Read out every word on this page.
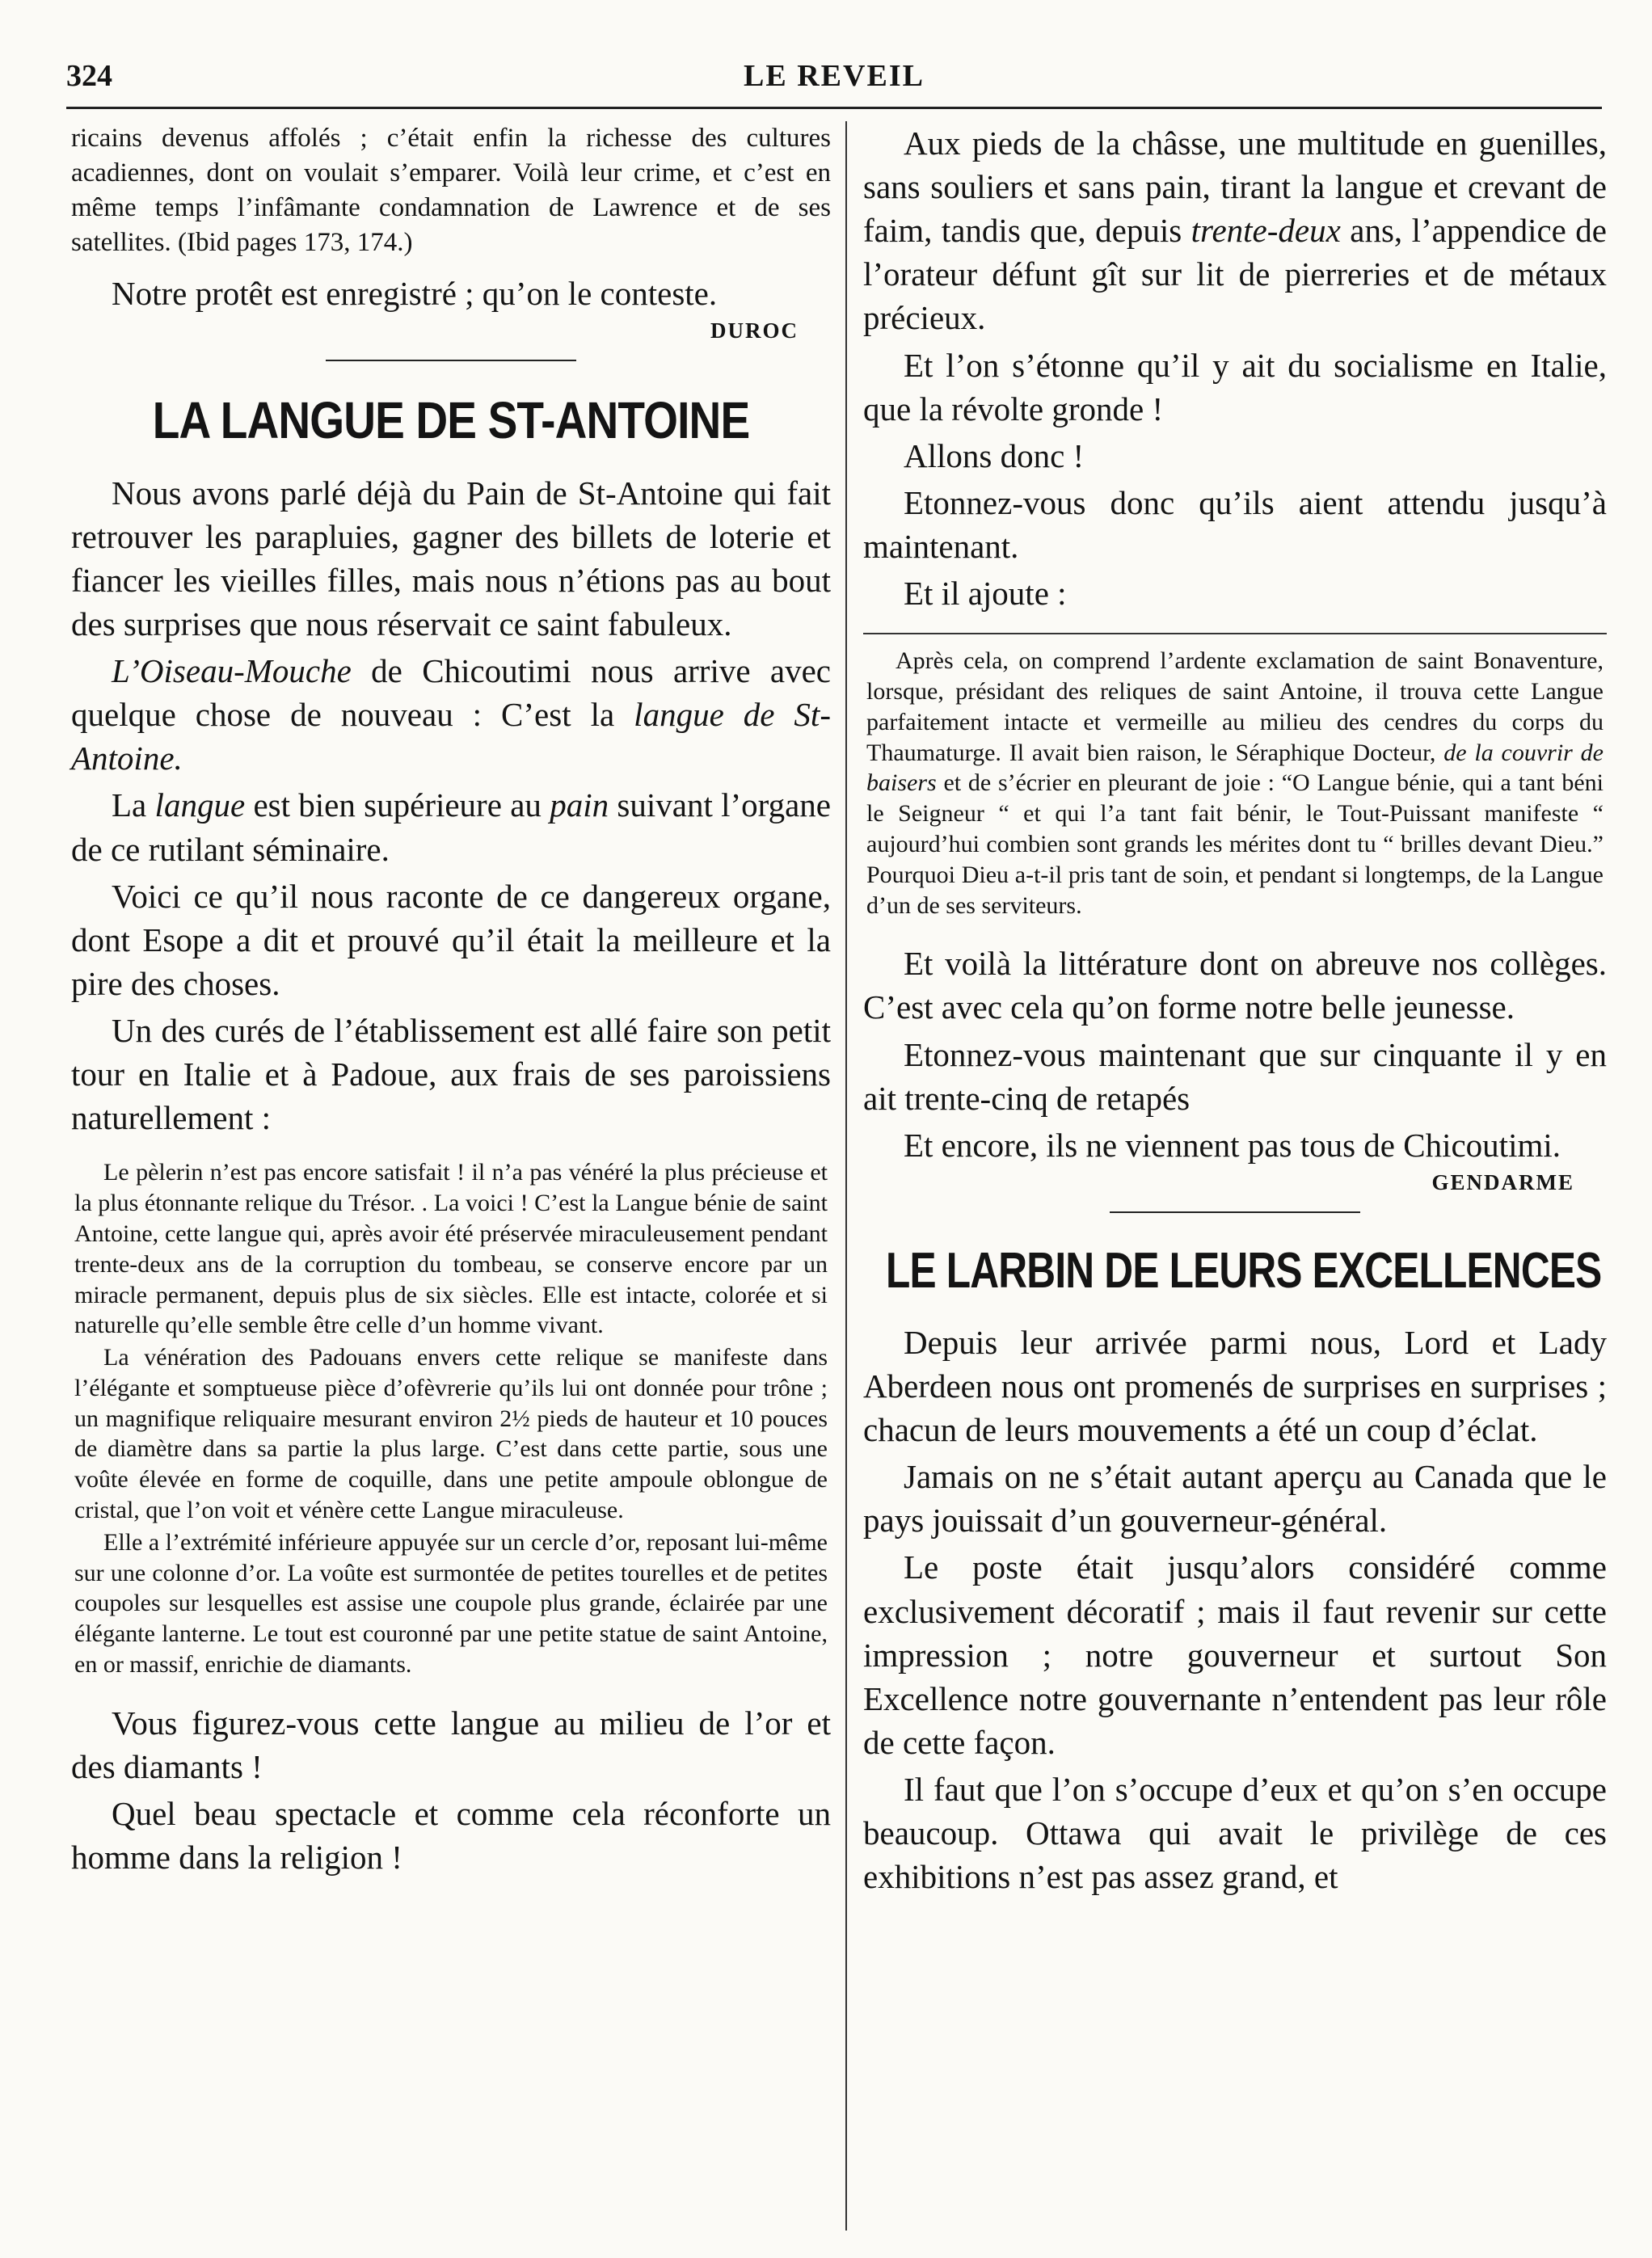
324	LE REVEIL

ricains devenus affolés ; c’était enfin la richesse des cultures acadiennes, dont on voulait s’emparer. Voilà leur crime, et c’est en même temps l’infâmante condamnation de Lawrence et de ses satellites. (Ibid pages 173, 174.)

Notre protêt est enregistré ; qu’on le conteste.

DUROC
LA LANGUE DE ST-ANTOINE

Nous avons parlé déjà du Pain de St-Antoine qui fait retrouver les parapluies, gagner des billets de loterie et fiancer les vieilles filles, mais nous n’étions pas au bout des surprises que nous réservait ce saint fabuleux.

L’Oiseau-Mouche de Chicoutimi nous arrive avec quelque chose de nouveau : C’est la langue de St-Antoine.

La langue est bien supérieure au pain suivant l’organe de ce rutilant séminaire.

Voici ce qu’il nous raconte de ce dangereux organe, dont Esope a dit et prouvé qu’il était la meilleure et la pire des choses.

Un des curés de l’établissement est allé faire son petit tour en Italie et à Padoue, aux frais de ses paroissiens naturellement :

Le pèlerin n’est pas encore satisfait ! il n’a pas vénéré la plus précieuse et la plus étonnante relique du Trésor. . La voici ! C’est la Langue bénie de saint Antoine, cette langue qui, après avoir été préservée miraculeusement pendant trente-deux ans de la corruption du tombeau, se conserve encore par un miracle permanent, depuis plus de six siècles. Elle est intacte, colorée et si naturelle qu’elle semble être celle d’un homme vivant.

La vénération des Padouans envers cette relique se manifeste dans l’élégante et somptueuse pièce d’ofèvrerie qu’ils lui ont donnée pour trône ; un magnifique reliquaire mesurant environ 2½ pieds de hauteur et 10 pouces de diamètre dans sa partie la plus large. C’est dans cette partie, sous une voûte élevée en forme de coquille, dans une petite ampoule oblongue de cristal, que l’on voit et vénère cette Langue miraculeuse.

Elle a l’extrémité inférieure appuyée sur un cercle d’or, reposant lui-même sur une colonne d’or. La voûte est surmontée de petites tourelles et de petites coupoles sur lesquelles est assise une coupole plus grande, éclairée par une élégante lanterne. Le tout est couronné par une petite statue de saint Antoine, en or massif, enrichie de diamants.

Vous figurez-vous cette langue au milieu de l’or et des diamants !

Quel beau spectacle et comme cela réconforte un homme dans la religion !

Aux pieds de la châsse, une multitude en guenilles, sans souliers et sans pain, tirant la langue et crevant de faim, tandis que, depuis trente-deux ans, l’appendice de l’orateur défunt gît sur lit de pierreries et de métaux précieux.

Et l’on s’étonne qu’il y ait du socialisme en Italie, que la révolte gronde !

Allons donc !

Etonnez-vous donc qu’ils aient attendu jusqu’à maintenant.

Et il ajoute :

Après cela, on comprend l’ardente exclamation de saint Bonaventure, lorsque, présidant des reliques de saint Antoine, il trouva cette Langue parfaitement intacte et vermeille au milieu des cendres du corps du Thaumaturge. Il avait bien raison, le Séraphique Docteur, de la couvrir de baisers et de s’écrier en pleurant de joie : “O Langue bénie, qui a tant béni le Seigneur “ et qui l’a tant fait bénir, le Tout-Puissant manifeste “ aujourd’hui combien sont grands les mérites dont tu “ brilles devant Dieu.” Pourquoi Dieu a-t-il pris tant de soin, et pendant si longtemps, de la Langue d’un de ses serviteurs.

Et voilà la littérature dont on abreuve nos collèges. C’est avec cela qu’on forme notre belle jeunesse.

Etonnez-vous maintenant que sur cinquante il y en ait trente-cinq de retapés

Et encore, ils ne viennent pas tous de Chicoutimi.

GENDARME
LE LARBIN DE LEURS EXCELLENCES

Depuis leur arrivée parmi nous, Lord et Lady Aberdeen nous ont promenés de surprises en surprises ; chacun de leurs mouvements a été un coup d’éclat.

Jamais on ne s’était autant aperçu au Canada que le pays jouissait d’un gouverneur-général.

Le poste était jusqu’alors considéré comme exclusivement décoratif ; mais il faut revenir sur cette impression ; notre gouverneur et surtout Son Excellence notre gouvernante n’entendent pas leur rôle de cette façon.

Il faut que l’on s’occupe d’eux et qu’on s’en occupe beaucoup. Ottawa qui avait le privilège de ces exhibitions n’est pas assez grand, et
